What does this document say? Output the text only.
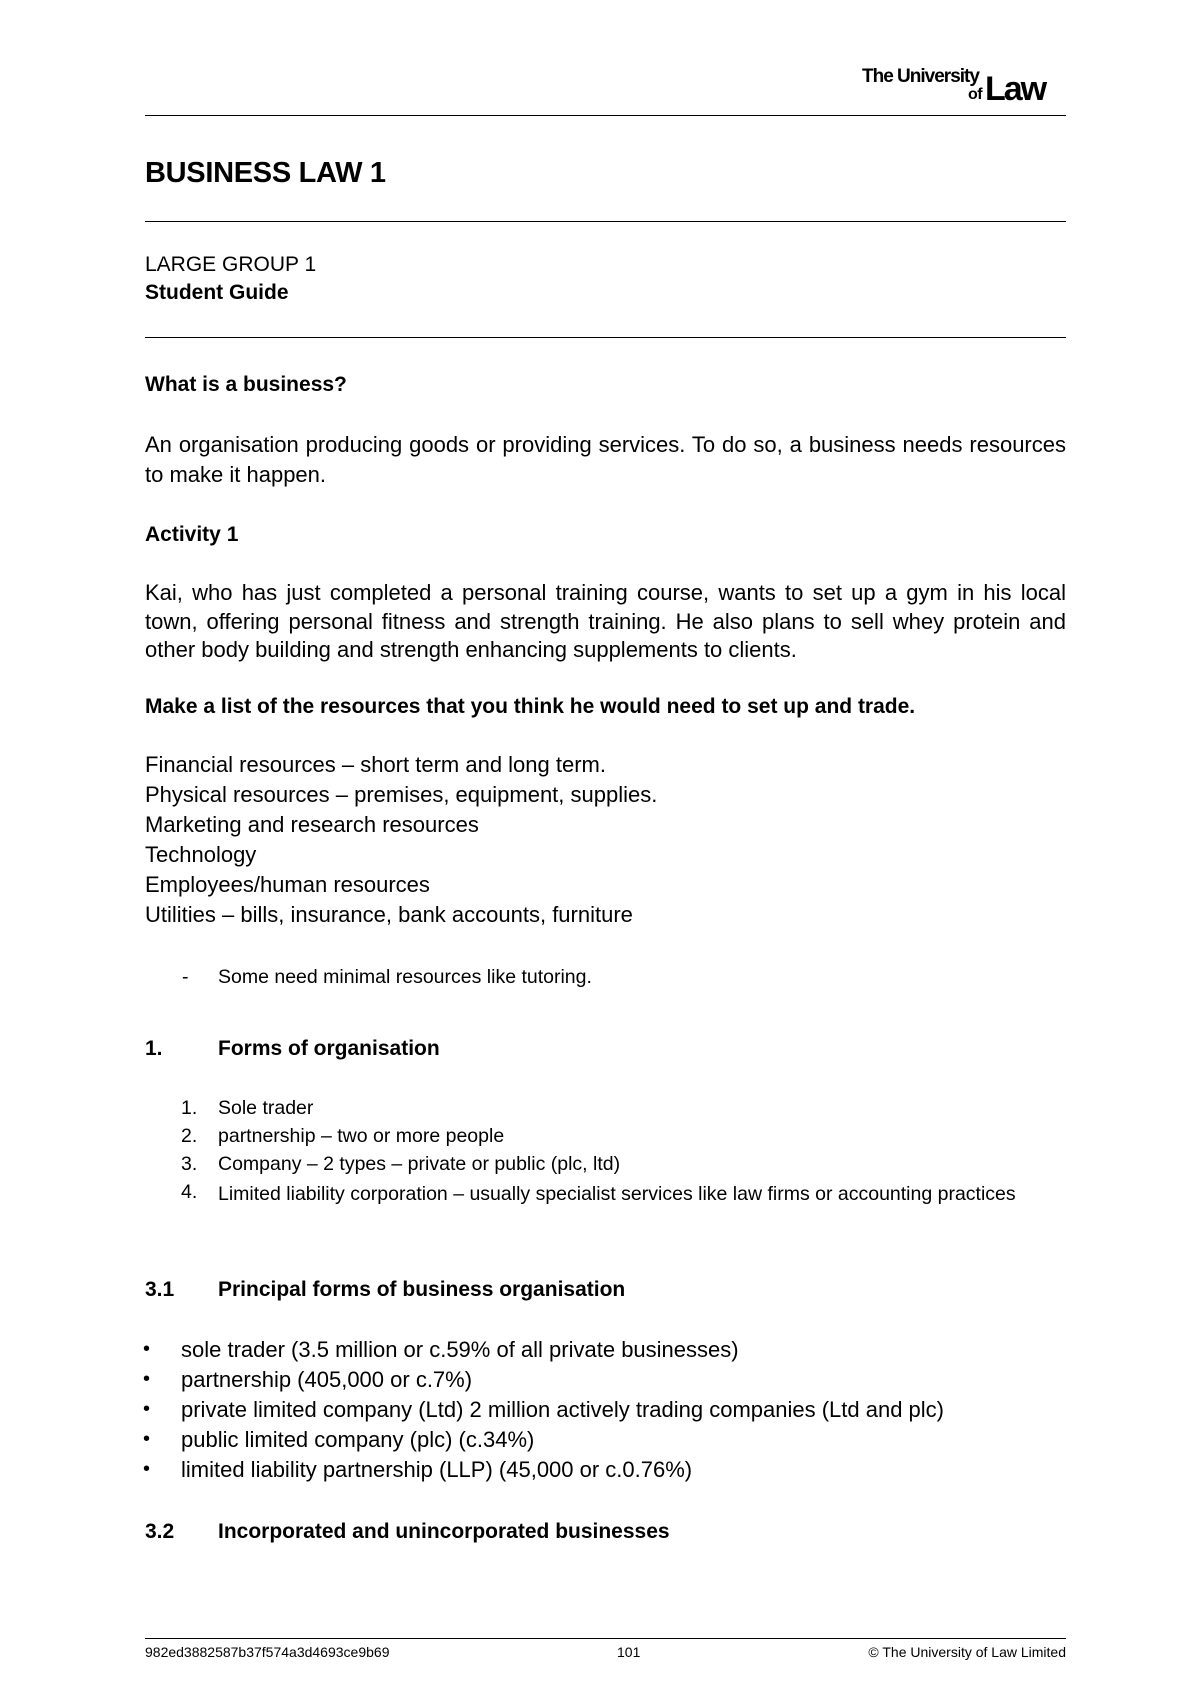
The University
of Law
BUSINESS LAW 1
LARGE GROUP 1
Student Guide
What is a business?
An organisation producing goods or providing services. To do so, a business needs resources to make it happen.
Activity 1
Kai, who has just completed a personal training course, wants to set up a gym in his local town, offering personal fitness and strength training. He also plans to sell whey protein and other body building and strength enhancing supplements to clients.
Make a list of the resources that you think he would need to set up and trade.
Financial resources – short term and long term.
Physical resources – premises, equipment, supplies.
Marketing and research resources
Technology
Employees/human resources
Utilities – bills, insurance, bank accounts, furniture
- Some need minimal resources like tutoring.
1.	Forms of organisation
1. Sole trader
2. partnership – two or more people
3. Company – 2 types – private or public (plc, ltd)
4. Limited liability corporation – usually specialist services like law firms or accounting practices
3.1 Principal forms of business organisation
• sole trader (3.5 million or c.59% of all private businesses)
• partnership (405,000 or c.7%)
• private limited company (Ltd) 2 million actively trading companies (Ltd and plc)
• public limited company (plc) (c.34%)
• limited liability partnership (LLP) (45,000 or c.0.76%)
3.2 Incorporated and unincorporated businesses
982ed3882587b37f574a3d4693ce9b69	101	© The University of Law Limited
